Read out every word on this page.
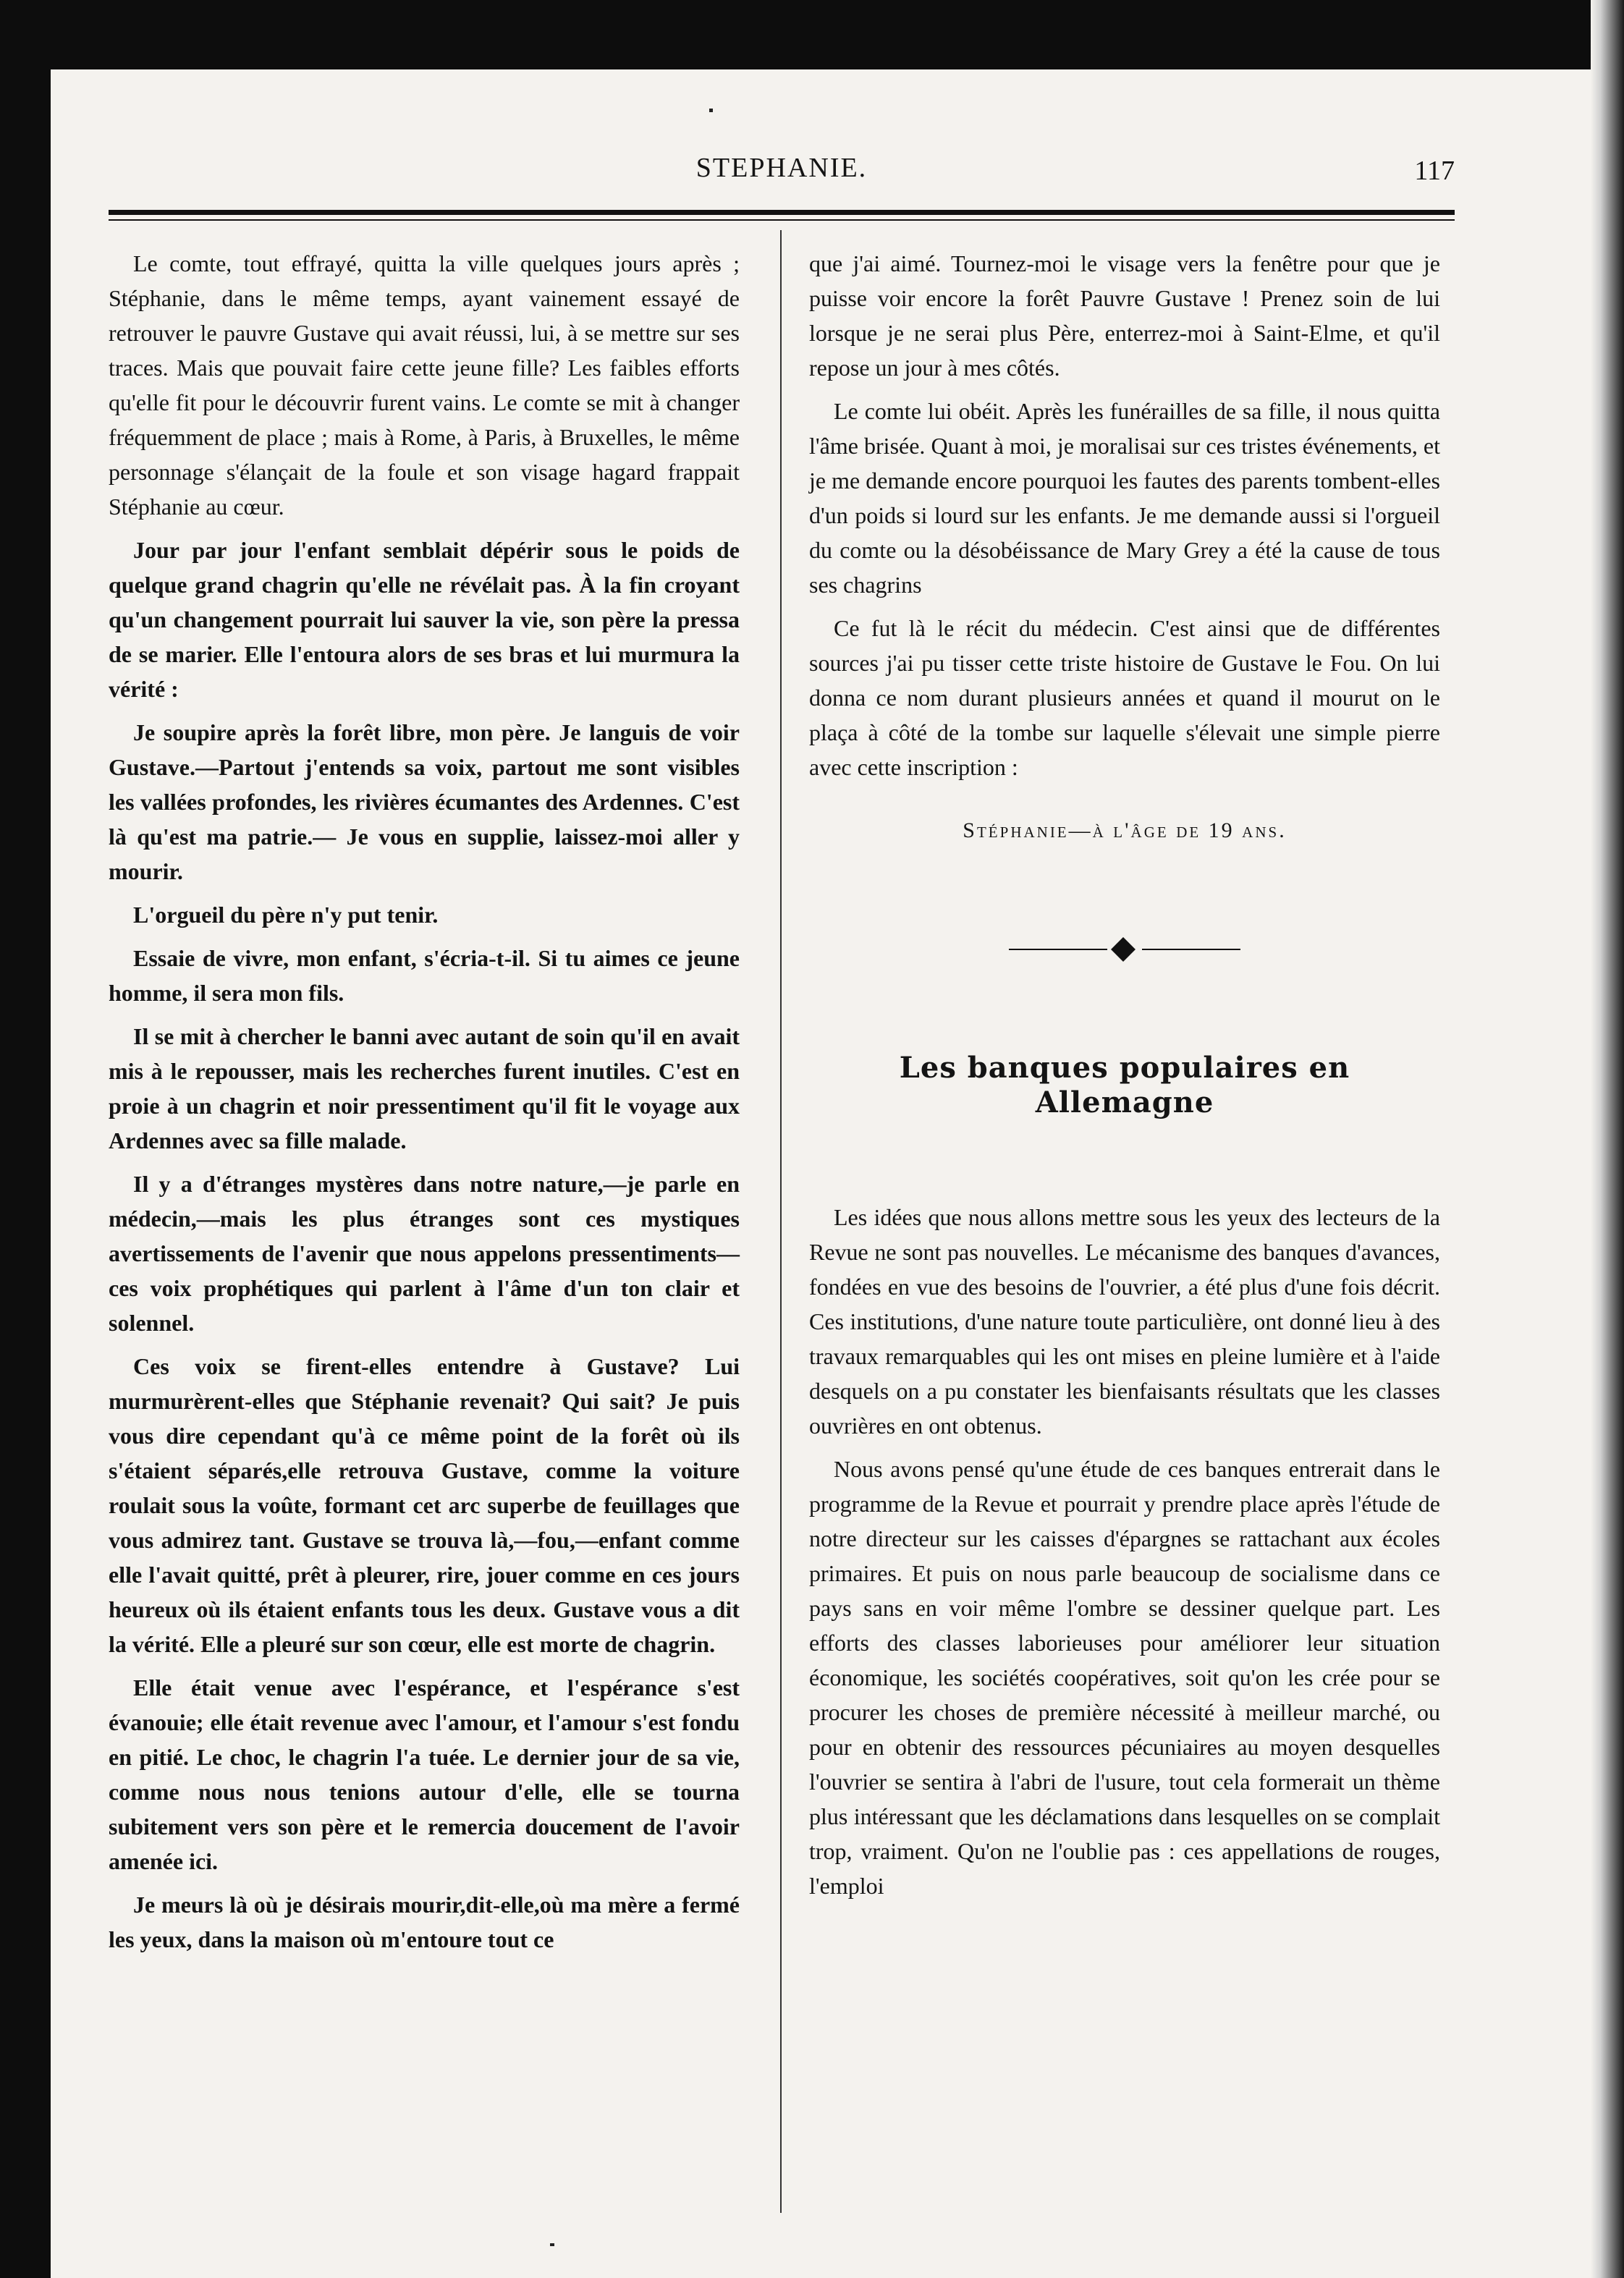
STEPHANIE.	117

Le comte, tout effrayé, quitta la ville quelques jours après ; Stéphanie, dans le même temps, ayant vainement essayé de retrouver le pauvre Gustave qui avait réussi, lui, à se mettre sur ses traces. Mais que pouvait faire cette jeune fille? Les faibles efforts qu'elle fit pour le découvrir furent vains. Le comte se mit à changer fréquemment de place ; mais à Rome, à Paris, à Bruxelles, le même personnage s'élançait de la foule et son visage hagard frappait Stéphanie au cœur.

Jour par jour l'enfant semblait dépérir sous le poids de quelque grand chagrin qu'elle ne révélait pas. À la fin croyant qu'un changement pourrait lui sauver la vie, son père la pressa de se marier. Elle l'entoura alors de ses bras et lui murmura la vérité :

Je soupire après la forêt libre, mon père. Je languis de voir Gustave.—Partout j'entends sa voix, partout me sont visibles les vallées profondes, les rivières écumantes des Ardennes. C'est là qu'est ma patrie.— Je vous en supplie, laissez-moi aller y mourir.

L'orgueil du père n'y put tenir.

Essaie de vivre, mon enfant, s'écria-t-il. Si tu aimes ce jeune homme, il sera mon fils.

Il se mit à chercher le banni avec autant de soin qu'il en avait mis à le repousser, mais les recherches furent inutiles. C'est en proie à un chagrin et noir pressentiment qu'il fit le voyage aux Ardennes avec sa fille malade.

Il y a d'étranges mystères dans notre nature,—je parle en médecin,—mais les plus étranges sont ces mystiques avertissements de l'avenir que nous appelons pressentiments—ces voix prophétiques qui parlent à l'âme d'un ton clair et solennel.

Ces voix se firent-elles entendre à Gustave? Lui murmurèrent-elles que Stéphanie revenait? Qui sait? Je puis vous dire cependant qu'à ce même point de la forêt où ils s'étaient séparés,elle retrouva Gustave, comme la voiture roulait sous la voûte, formant cet arc superbe de feuillages que vous admirez tant. Gustave se trouva là,—fou,—enfant comme elle l'avait quitté, prêt à pleurer, rire, jouer comme en ces jours heureux où ils étaient enfants tous les deux. Gustave vous a dit la vérité. Elle a pleuré sur son cœur, elle est morte de chagrin.

Elle était venue avec l'espérance, et l'espérance s'est évanouie; elle était revenue avec l'amour, et l'amour s'est fondu en pitié. Le choc, le chagrin l'a tuée. Le dernier jour de sa vie, comme nous nous tenions autour d'elle, elle se tourna subitement vers son père et le remercia doucement de l'avoir amenée ici.

Je meurs là où je désirais mourir,dit-elle,où ma mère a fermé les yeux, dans la maison où m'entoure tout ce

que j'ai aimé. Tournez-moi le visage vers la fenêtre pour que je puisse voir encore la forêt Pauvre Gustave ! Prenez soin de lui lorsque je ne serai plus Père, enterrez-moi à Saint-Elme, et qu'il repose un jour à mes côtés.

Le comte lui obéit. Après les funérailles de sa fille, il nous quitta l'âme brisée. Quant à moi, je moralisai sur ces tristes événements, et je me demande encore pourquoi les fautes des parents tombent-elles d'un poids si lourd sur les enfants. Je me demande aussi si l'orgueil du comte ou la désobéissance de Mary Grey a été la cause de tous ses chagrins

Ce fut là le récit du médecin. C'est ainsi que de différentes sources j'ai pu tisser cette triste histoire de Gustave le Fou. On lui donna ce nom durant plusieurs années et quand il mourut on le plaça à côté de la tombe sur laquelle s'élevait une simple pierre avec cette inscription :

Stéphanie—à l'âge de 19 ans.
Les banques populaires en Allemagne

Les idées que nous allons mettre sous les yeux des lecteurs de la Revue ne sont pas nouvelles. Le mécanisme des banques d'avances, fondées en vue des besoins de l'ouvrier, a été plus d'une fois décrit. Ces institutions, d'une nature toute particulière, ont donné lieu à des travaux remarquables qui les ont mises en pleine lumière et à l'aide desquels on a pu constater les bienfaisants résultats que les classes ouvrières en ont obtenus.

Nous avons pensé qu'une étude de ces banques entrerait dans le programme de la Revue et pourrait y prendre place après l'étude de notre directeur sur les caisses d'épargnes se rattachant aux écoles primaires. Et puis on nous parle beaucoup de socialisme dans ce pays sans en voir même l'ombre se dessiner quelque part. Les efforts des classes laborieuses pour améliorer leur situation économique, les sociétés coopératives, soit qu'on les crée pour se procurer les choses de première nécessité à meilleur marché, ou pour en obtenir des ressources pécuniaires au moyen desquelles l'ouvrier se sentira à l'abri de l'usure, tout cela formerait un thème plus intéressant que les déclamations dans lesquelles on se complait trop, vraiment. Qu'on ne l'oublie pas : ces appellations de rouges, l'emploi
